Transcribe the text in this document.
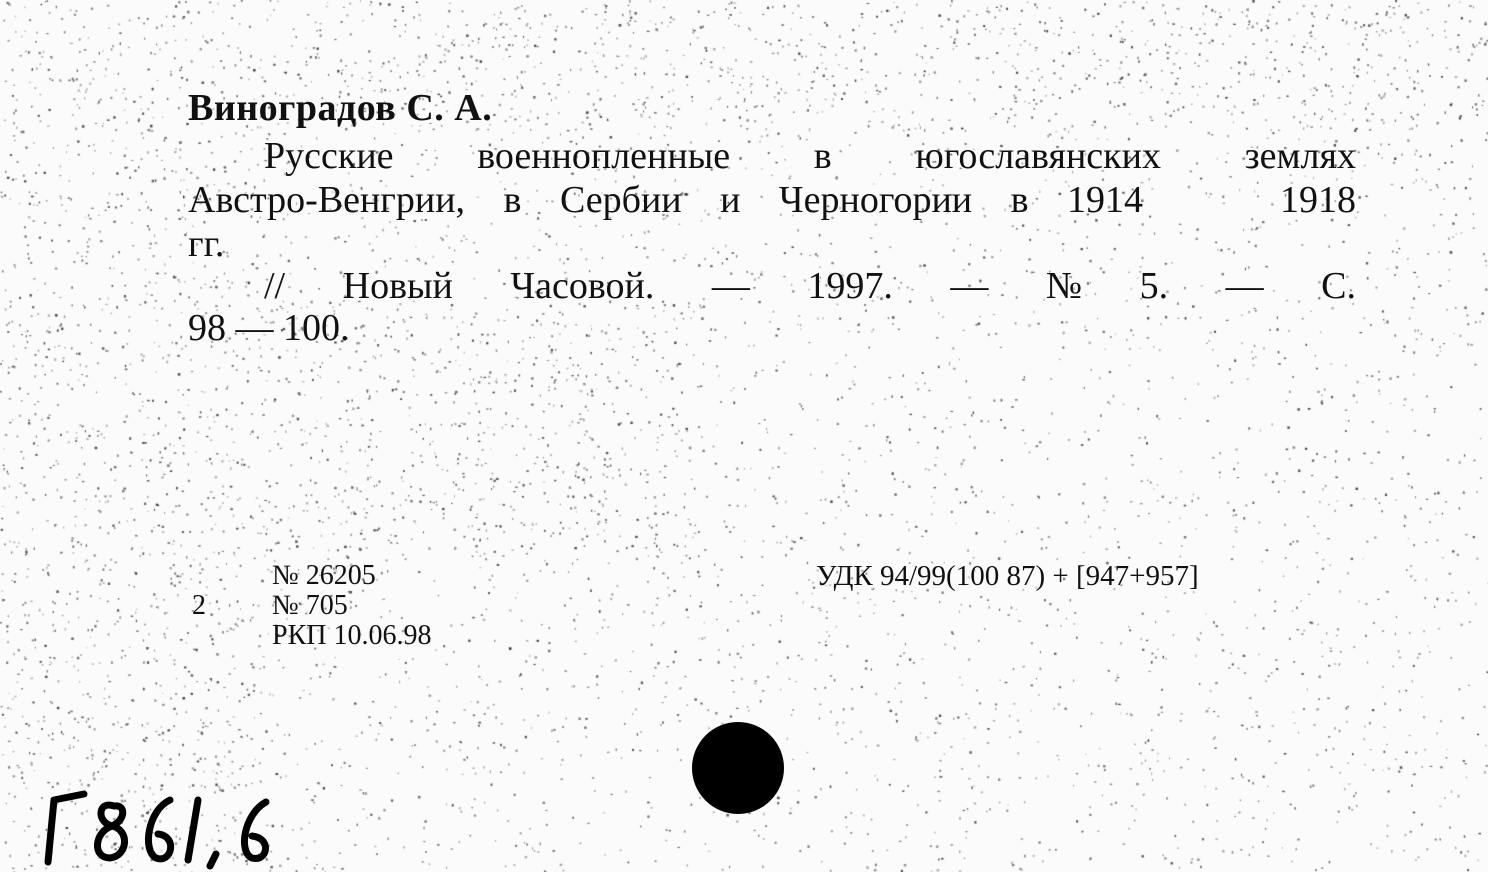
Виноградов С. А.
Русские военнопленные в югославянских землях
Австро-Венгрии, в Сербии и Черногории в 1914	1918
гг.
// Новый Часовой. — 1997. — № 5. — С.
98 — 100.
2
№ 26205
№ 705
РКП 10.06.98
УДК 94/99(100 87) + [947+957]
